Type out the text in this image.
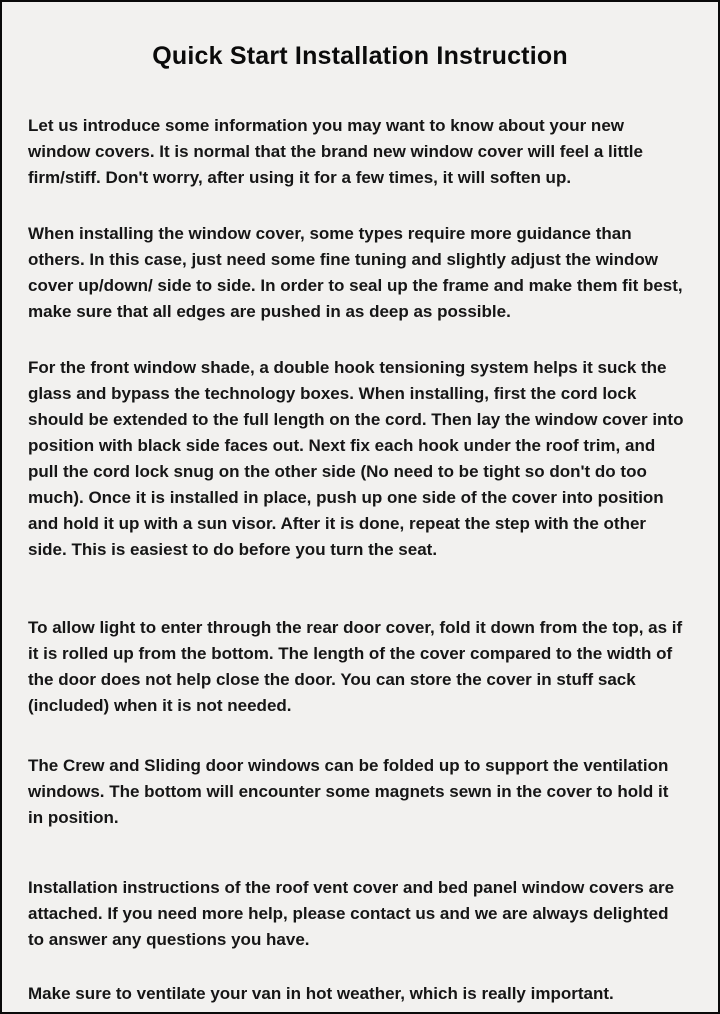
Quick Start Installation Instruction

Let us introduce some information you may want to know about your new window covers. It is normal that the brand new window cover will feel a little firm/stiff. Don't worry, after using it for a few times, it will soften up.

When installing the window cover, some types require more guidance than others. In this case, just need some fine tuning and slightly adjust the window cover up/down/ side to side. In order to seal up the frame and make them fit best, make sure that all edges are pushed in as deep as possible.

For the front window shade, a double hook tensioning system helps it suck the glass and bypass the technology boxes. When installing, first the cord lock should be extended to the full length on the cord. Then lay the window cover into position with black side faces out. Next fix each hook under the roof trim, and pull the cord lock snug on the other side (No need to be tight so don't do too much). Once it is installed in place, push up one side of the cover into position and hold it up with a sun visor. After it is done, repeat the step with the other side. This is easiest to do before you turn the seat.

To allow light to enter through the rear door cover, fold it down from the top, as if it is rolled up from the bottom. The length of the cover compared to the width of the door does not help close the door. You can store the cover in stuff sack (included) when it is not needed.

The Crew and Sliding door windows can be folded up to support the ventilation windows. The bottom will encounter some magnets sewn in the cover to hold it in position.

Installation instructions of the roof vent cover and bed panel window covers are attached. If you need more help, please contact us and we are always delighted to answer any questions you have.

Make sure to ventilate your van in hot weather, which is really important.
